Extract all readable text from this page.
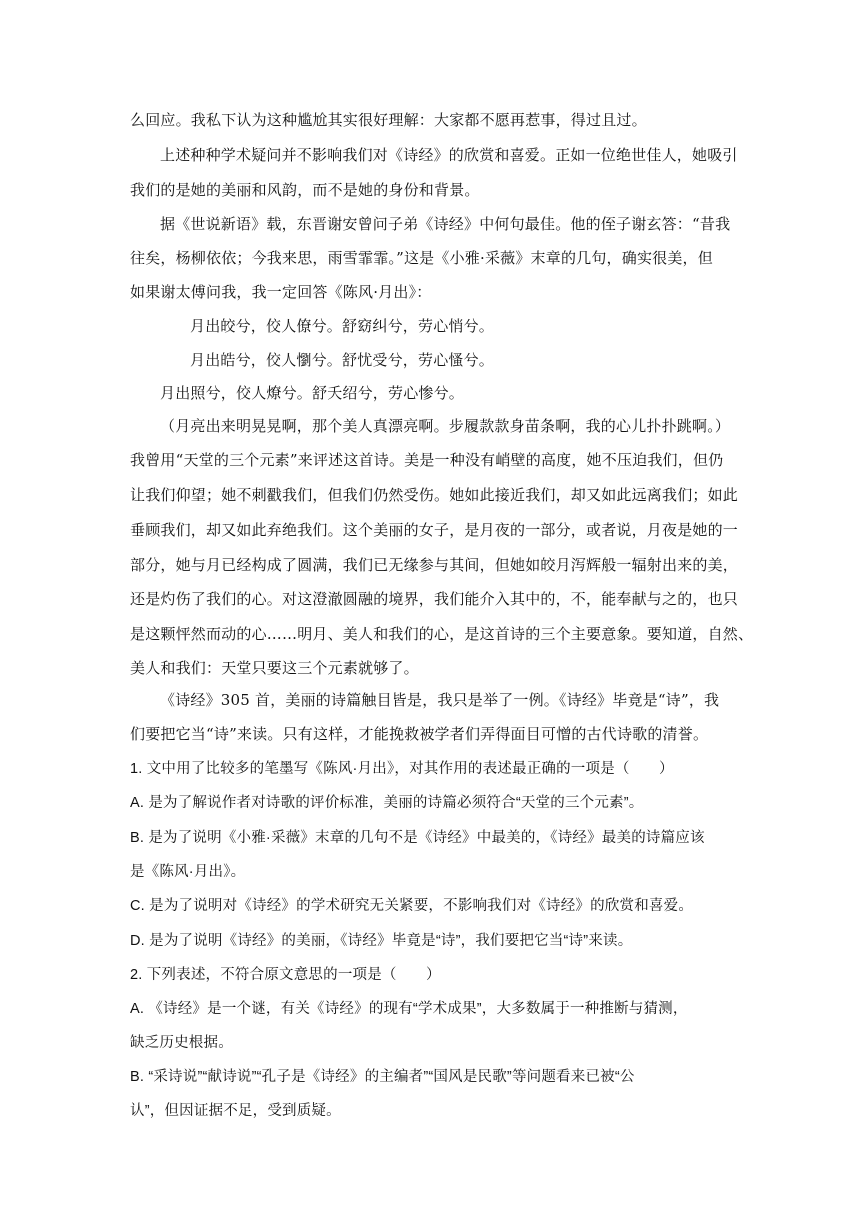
么回应。我私下认为这种尴尬其实很好理解：大家都不愿再惹事，得过且过。
上述种种学术疑问并不影响我们对《诗经》的欣赏和喜爱。正如一位绝世佳人，她吸引
我们的是她的美丽和风韵，而不是她的身份和背景。
据《世说新语》载，东晋谢安曾问子弟《诗经》中何句最佳。他的侄子谢玄答：“昔我
往矣，杨柳依依；今我来思，雨雪霏霏。”这是《小雅·采薇》末章的几句，确实很美，但
如果谢太傅问我，我一定回答《陈风·月出》：
月出皎兮，佼人僚兮。舒窈纠兮，劳心悄兮。
月出皓兮，佼人懰兮。舒忧受兮，劳心慅兮。
月出照兮，佼人燎兮。舒夭绍兮，劳心惨兮。
（月亮出来明晃晃啊，那个美人真漂亮啊。步履款款身苗条啊，我的心儿扑扑跳啊。）
我曾用“天堂的三个元素”来评述这首诗。美是一种没有峭壁的高度，她不压迫我们，但仍
让我们仰望；她不刺戳我们，但我们仍然受伤。她如此接近我们，却又如此远离我们；如此
垂顾我们，却又如此弃绝我们。这个美丽的女子，是月夜的一部分，或者说，月夜是她的一
部分，她与月已经构成了圆满，我们已无缘参与其间，但她如皎月泻辉般一辐射出来的美，
还是灼伤了我们的心。对这澄澈圆融的境界，我们能介入其中的，不，能奉献与之的，也只
是这颗怦然而动的心……明月、美人和我们的心，是这首诗的三个主要意象。要知道，自然、
美人和我们：天堂只要这三个元素就够了。
《诗经》305 首，美丽的诗篇触目皆是，我只是举了一例。《诗经》毕竟是“诗”，我
们要把它当“诗”来读。只有这样，才能挽救被学者们弄得面目可憎的古代诗歌的清誉。
1. 文中用了比较多的笔墨写《陈风·月出》，对其作用的表述最正确的一项是（　　）
A. 是为了解说作者对诗歌的评价标准，美丽的诗篇必须符合“天堂的三个元素”。
B. 是为了说明《小雅·采薇》末章的几句不是《诗经》中最美的，《诗经》最美的诗篇应该
是《陈风·月出》。
C. 是为了说明对《诗经》的学术研究无关紧要，不影响我们对《诗经》的欣赏和喜爱。
D. 是为了说明《诗经》的美丽，《诗经》毕竟是“诗”，我们要把它当“诗”来读。
2. 下列表述，不符合原文意思的一项是（　　）
A. 《诗经》是一个谜，有关《诗经》的现有“学术成果”，大多数属于一种推断与猜测，
缺乏历史根据。
B. “采诗说”“献诗说”“孔子是《诗经》的主编者”“国风是民歌”等问题看来已被“公
认”，但因证据不足，受到质疑。
